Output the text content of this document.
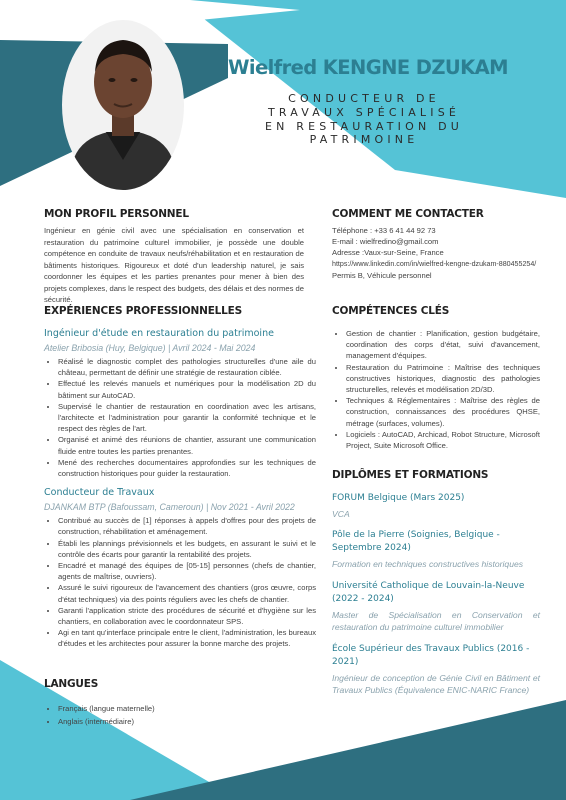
Wielfred KENGNE DZUKAM
CONDUCTEUR DE
TRAVAUX SPÉCIALISÉ
EN RESTAURATION DU
PATRIMOINE
MON PROFIL PERSONNEL

Ingénieur en génie civil avec une spécialisation en conservation et restauration du patrimoine culturel immobilier, je possède une double compétence en conduite de travaux neufs/réhabilitation et en restauration de bâtiments historiques. Rigoureux et doté d'un leadership naturel, je sais coordonner les équipes et les parties prenantes pour mener à bien des projets complexes, dans le respect des budgets, des délais et des normes de sécurité.

COMMENT ME CONTACTER
Téléphone : +33 6 41 44 92 73
E-mail : wielfredino@gmail.com
Adresse :Vaux-sur-Seine, France
https://www.linkedin.com/in/wielfred-kengne-dzukam-880455254/
Permis B, Véhicule personnel
EXPÉRIENCES PROFESSIONNELLES
Ingénieur d'étude en restauration du patrimoine
Atelier Bribosia (Huy, Belgique) | Avril 2024 - Mai 2024
• Réalisé le diagnostic complet des pathologies structurelles d'une aile du château, permettant de définir une stratégie de restauration ciblée.
• Effectué les relevés manuels et numériques pour la modélisation 2D du bâtiment sur AutoCAD.
• Supervisé le chantier de restauration en coordination avec les artisans, l'architecte et l'administration pour garantir la conformité technique et le respect des règles de l'art.
• Organisé et animé des réunions de chantier, assurant une communication fluide entre toutes les parties prenantes.
• Mené des recherches documentaires approfondies sur les techniques de construction historiques pour guider la restauration.
Conducteur de Travaux
DJANKAM BTP (Bafoussam, Cameroun) | Nov 2021 - Avril 2022
• Contribué au succès de [1] réponses à appels d'offres pour des projets de construction, réhabilitation et aménagement.
• Établi les plannings prévisionnels et les budgets, en assurant le suivi et le contrôle des écarts pour garantir la rentabilité des projets.
• Encadré et managé des équipes de [05-15] personnes (chefs de chantier, agents de maîtrise, ouvriers).
• Assuré le suivi rigoureux de l'avancement des chantiers (gros œuvre, corps d'état techniques) via des points réguliers avec les chefs de chantier.
• Garanti l'application stricte des procédures de sécurité et d'hygiène sur les chantiers, en collaboration avec le coordonnateur SPS.
• Agi en tant qu'interface principale entre le client, l'administration, les bureaux d'études et les architectes pour assurer la bonne marche des projets.
LANGUES
• Français (langue maternelle)
• Anglais (intermédiaire)
COMPÉTENCES CLÉS
• Gestion de chantier : Planification, gestion budgétaire, coordination des corps d'état, suivi d'avancement, management d'équipes.
• Restauration du Patrimoine : Maîtrise des techniques constructives historiques, diagnostic des pathologies structurelles, relevés et modélisation 2D/3D.
• Techniques & Réglementaires : Maîtrise des règles de construction, connaissances des procédures QHSE, métrage (surfaces, volumes).
• Logiciels : AutoCAD, Archicad, Robot Structure, Microsoft Project, Suite Microsoft Office.
DIPLÔMES ET FORMATIONS
FORUM Belgique (Mars 2025)
VCA
Pôle de la Pierre (Soignies, Belgique - Septembre 2024)
Formation en techniques constructives historiques
Université Catholique de Louvain-la-Neuve (2022 - 2024)
Master de Spécialisation en Conservation et restauration du patrimoine culturel immobilier
École Supérieur des Travaux Publics (2016 - 2021)
Ingénieur de conception de Génie Civil en Bâtiment et Travaux Publics (Équivalence ENIC-NARIC France)
